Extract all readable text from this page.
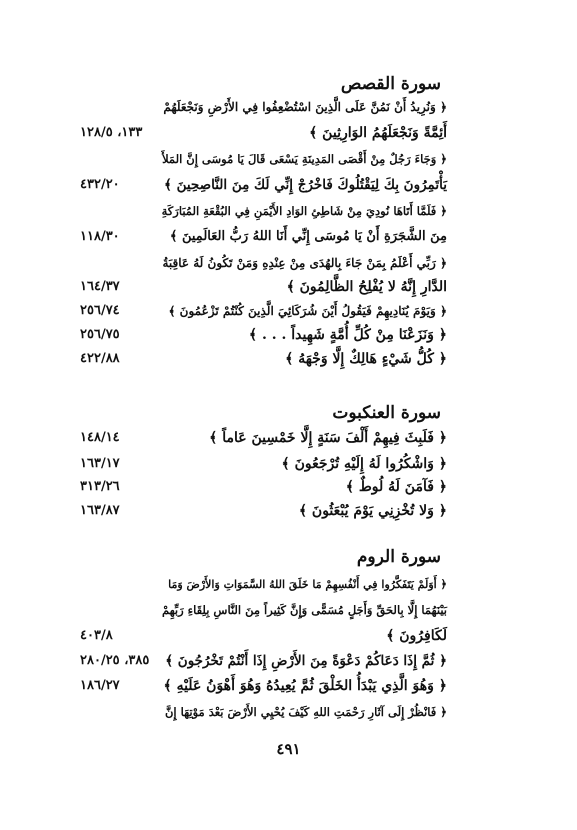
سورة القصص
﴿ وَنُرِيدُ أَنْ نَمُنَّ عَلَى الَّذِينَ اسْتُضْعِفُوا فِي الأَرْضِ وَنَجْعَلَهُمْ
أَئِمَّةً وَنَجْعَلَهُمُ الوَارِثِينَ ﴾
١٣٣، ١٢٨/٥
﴿ وَجَاءَ رَجُلٌ مِنْ أَقْصَى المَدِينَةِ يَسْعَى قَالَ يَا مُوسَى إِنَّ المَلأَ
يَأْتَمِرُونَ بِكَ لِيَقْتُلُوكَ فَاخْرُجْ إِنِّي لَكَ مِنَ النَّاصِحِينَ ﴾
٤٣٢/٢٠
﴿ فَلَمَّا أَتَاهَا نُودِيَ مِنْ شَاطِئِ الوَادِ الأَيْمَنِ فِي البُقْعَةِ المُبَارَكَةِ
مِنَ الشَّجَرَةِ أَنْ يَا مُوسَى إِنِّي أَنَا اللهُ رَبُّ العَالَمِينَ ﴾
١١٨/٣٠
﴿ رَبِّي أَعْلَمُ بِمَنْ جَاءَ بِالهُدَى مِنْ عِنْدِهِ وَمَنْ تَكُونُ لَهُ عَاقِبَةُ
الدَّارِ إِنَّهُ لا يُفْلِحُ الظَّالِمُونَ ﴾
١٦٤/٣٧
﴿ وَيَوْمَ يُنَادِيهِمْ فَيَقُولُ أَيْنَ شُرَكَائِيَ الَّذِينَ كُنْتُمْ تَزْعُمُونَ ﴾
٢٥٦/٧٤
﴿ وَنَزَعْنَا مِنْ كُلِّ أُمَّةٍ شَهِيداً . . . ﴾
٢٥٦/٧٥
﴿ كُلُّ شَيْءٍ هَالِكٌ إِلَّا وَجْهَهُ ﴾
٤٢٢/٨٨
سورة العنكبوت
﴿ فَلَبِثَ فِيهِمْ أَلْفَ سَنَةٍ إِلَّا خَمْسِينَ عَاماً ﴾
١٤٨/١٤
﴿ وَاشْكُرُوا لَهُ إِلَيْهِ تُرْجَعُونَ ﴾
١٦٣/١٧
﴿ فَآمَنَ لَهُ لُوطٌ ﴾
٣١٣/٢٦
﴿ وَلا تُخْزِنِي يَوْمَ يُبْعَثُونَ ﴾
١٦٣/٨٧
سورة الروم
﴿ أَوَلَمْ يَتَفَكَّرُوا فِي أَنْفُسِهِمْ مَا خَلَقَ اللهُ السَّمَوَاتِ وَالأَرْضَ وَمَا
بَيْنَهُمَا إِلَّا بِالحَقِّ وَأَجَلٍ مُسَمًّى وَإِنَّ كَثِيراً مِنَ النَّاسِ بِلِقَاءِ رَبِّهِمْ
لَكَافِرُونَ ﴾
٤٠٣/٨
﴿ ثُمَّ إِذَا دَعَاكُمْ دَعْوَةً مِنَ الأَرْضِ إِذَا أَنْتُمْ تَخْرُجُونَ ﴾
٣٨٥، ٢٨٠/٢٥
﴿ وَهُوَ الَّذِي يَبْدَأُ الخَلْقَ ثُمَّ يُعِيدُهُ وَهُوَ أَهْوَنُ عَلَيْهِ ﴾
١٨٦/٢٧
﴿ فَانْظُرْ إِلَى آثَارِ رَحْمَتِ اللهِ كَيْفَ يُحْيِي الأَرْضَ بَعْدَ مَوْتِهَا إِنَّ
٤٩١
